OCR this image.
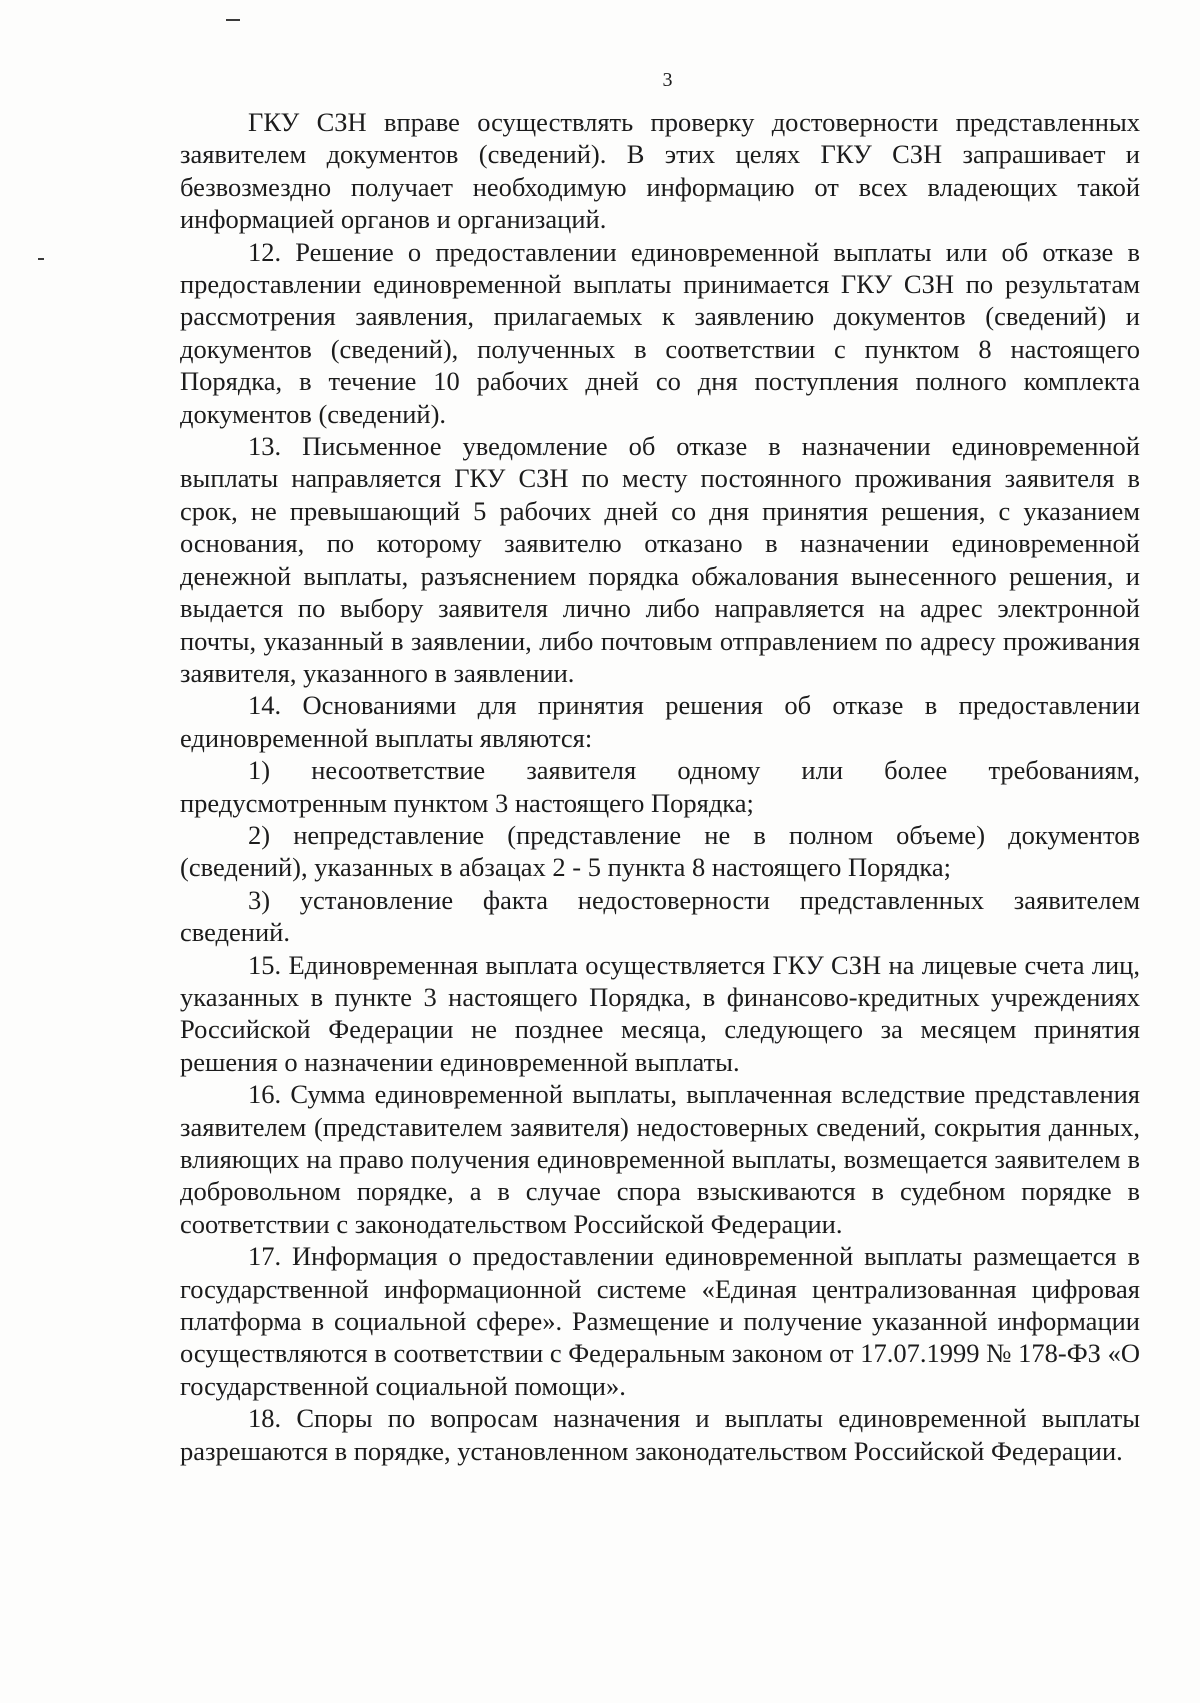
3

ГКУ СЗН вправе осуществлять проверку достоверности представленных заявителем документов (сведений). В этих целях ГКУ СЗН запрашивает и безвозмездно получает необходимую информацию от всех владеющих такой информацией органов и организаций.

12. Решение о предоставлении единовременной выплаты или об отказе в предоставлении единовременной выплаты принимается ГКУ СЗН по результатам рассмотрения заявления, прилагаемых к заявлению документов (сведений) и документов (сведений), полученных в соответствии с пунктом 8 настоящего Порядка, в течение 10 рабочих дней со дня поступления полного комплекта документов (сведений).

13. Письменное уведомление об отказе в назначении единовременной выплаты направляется ГКУ СЗН по месту постоянного проживания заявителя в срок, не превышающий 5 рабочих дней со дня принятия решения, с указанием основания, по которому заявителю отказано в назначении единовременной денежной выплаты, разъяснением порядка обжалования вынесенного решения, и выдается по выбору заявителя лично либо направляется на адрес электронной почты, указанный в заявлении, либо почтовым отправлением по адресу проживания заявителя, указанного в заявлении.

14. Основаниями для принятия решения об отказе в предоставлении единовременной выплаты являются:

1) несоответствие заявителя одному или более требованиям, предусмотренным пунктом 3 настоящего Порядка;

2) непредставление (представление не в полном объеме) документов (сведений), указанных в абзацах 2 - 5 пункта 8 настоящего Порядка;

3) установление факта недостоверности представленных заявителем сведений.

15. Единовременная выплата осуществляется ГКУ СЗН на лицевые счета лиц, указанных в пункте 3 настоящего Порядка, в финансово-кредитных учреждениях Российской Федерации не позднее месяца, следующего за месяцем принятия решения о назначении единовременной выплаты.

16. Сумма единовременной выплаты, выплаченная вследствие представления заявителем (представителем заявителя) недостоверных сведений, сокрытия данных, влияющих на право получения единовременной выплаты, возмещается заявителем в добровольном порядке, а в случае спора взыскиваются в судебном порядке в соответствии с законодательством Российской Федерации.

17. Информация о предоставлении единовременной выплаты размещается в государственной информационной системе «Единая централизованная цифровая платформа в социальной сфере». Размещение и получение указанной информации осуществляются в соответствии с Федеральным законом от 17.07.1999 № 178-ФЗ «О государственной социальной помощи».

18. Споры по вопросам назначения и выплаты единовременной выплаты разрешаются в порядке, установленном законодательством Российской Федерации.
